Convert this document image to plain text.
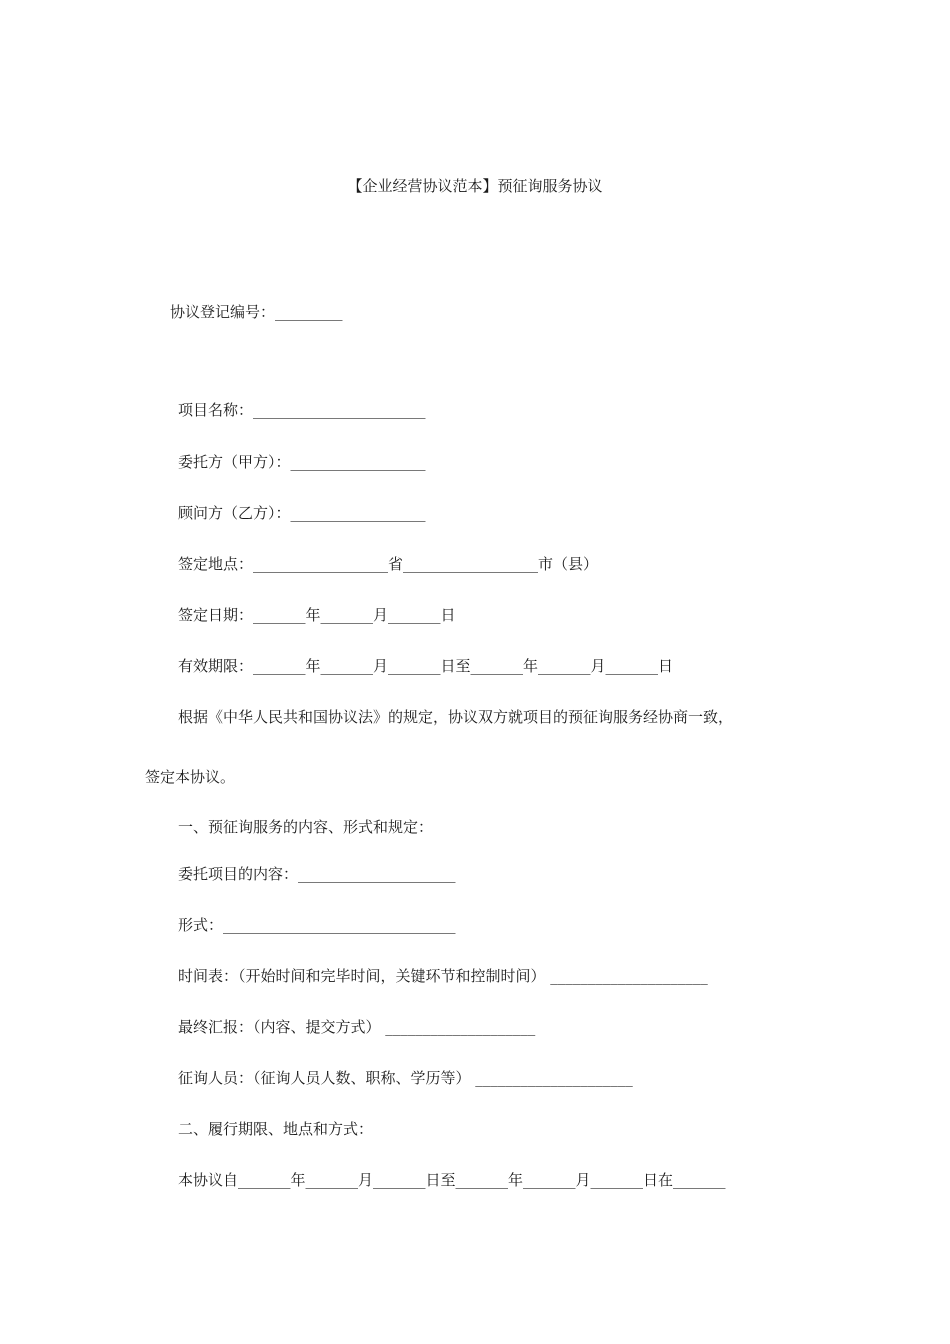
【企业经营协议范本】预征询服务协议
协议登记编号：_________
项目名称：_______________________
委托方（甲方）：__________________
顾问方（乙方）：__________________
签定地点：__________________省__________________市（县）
签定日期：_______年_______月_______日
有效期限：_______年_______月_______日至_______年_______月_______日
根据《中华人民共和国协议法》的规定，协议双方就项目的预征询服务经协商一致，
签定本协议。
一、预征询服务的内容、形式和规定：
委托项目的内容：_____________________
形式：_______________________________
时间表：（开始时间和完毕时间，关键环节和控制时间） _____________________
最终汇报：（内容、提交方式） ____________________
征询人员：（征询人员人数、职称、学历等） _____________________
二、履行期限、地点和方式：
本协议自_______年_______月_______日至_______年_______月_______日在_______
